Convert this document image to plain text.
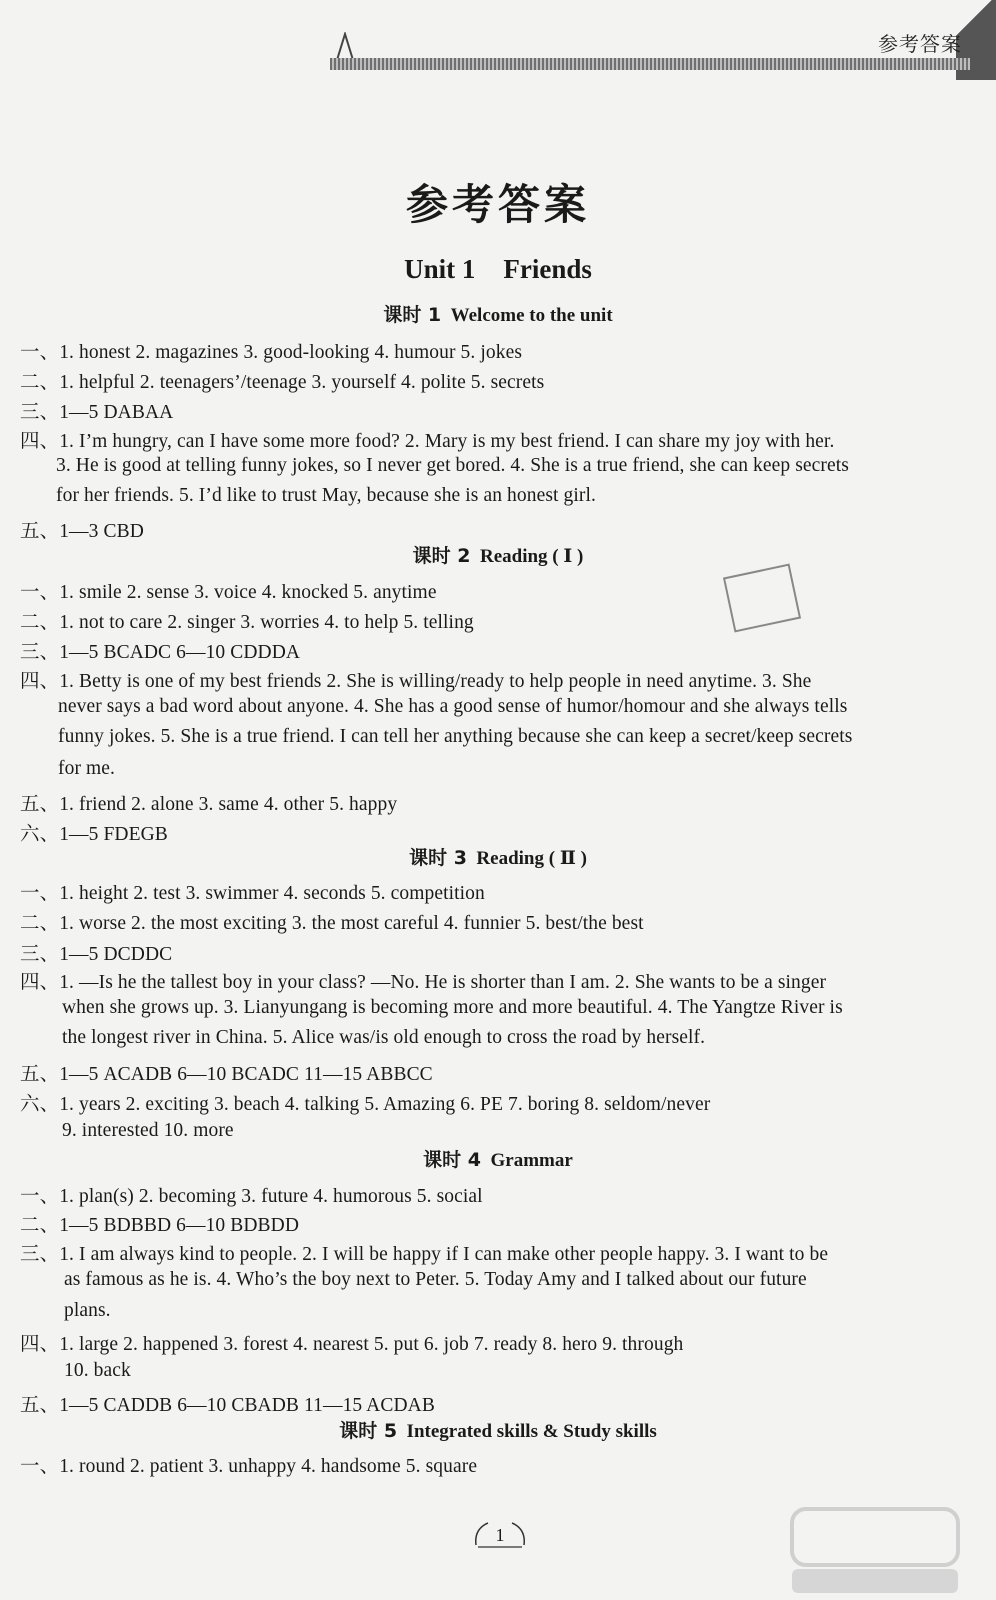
参考答案
参考答案
Unit 1 Friends
课时 1 Welcome to the unit
课时 2 Reading ( Ⅰ )
课时 3 Reading ( Ⅱ )
课时 4 Grammar
课时 5 Integrated skills & Study skills
一、1. honest 2. magazines 3. good-looking 4. humour 5. jokes
二、1. helpful 2. teenagers’/teenage 3. yourself 4. polite 5. secrets
三、1—5 DABAA
四、1. I’m hungry, can I have some more food? 2. Mary is my best friend. I can share my joy with her.
3. He is good at telling funny jokes, so I never get bored. 4. She is a true friend, she can keep secrets
for her friends. 5. I’d like to trust May, because she is an honest girl.
五、1—3 CBD
一、1. smile 2. sense 3. voice 4. knocked 5. anytime
二、1. not to care 2. singer 3. worries 4. to help 5. telling
三、1—5 BCADC 6—10 CDDDA
四、1. Betty is one of my best friends 2. She is willing/ready to help people in need anytime. 3. She
never says a bad word about anyone. 4. She has a good sense of humor/homour and she always tells
funny jokes. 5. She is a true friend. I can tell her anything because she can keep a secret/keep secrets
for me.
五、1. friend 2. alone 3. same 4. other 5. happy
六、1—5 FDEGB
一、1. height 2. test 3. swimmer 4. seconds 5. competition
二、1. worse 2. the most exciting 3. the most careful 4. funnier 5. best/the best
三、1—5 DCDDC
四、1. —Is he the tallest boy in your class? —No. He is shorter than I am. 2. She wants to be a singer
when she grows up. 3. Lianyungang is becoming more and more beautiful. 4. The Yangtze River is
the longest river in China. 5. Alice was/is old enough to cross the road by herself.
五、1—5 ACADB 6—10 BCADC 11—15 ABBCC
六、1. years 2. exciting 3. beach 4. talking 5. Amazing 6. PE 7. boring 8. seldom/never
9. interested 10. more
一、1. plan(s) 2. becoming 3. future 4. humorous 5. social
二、1—5 BDBBD 6—10 BDBDD
三、1. I am always kind to people. 2. I will be happy if I can make other people happy. 3. I want to be
as famous as he is. 4. Who’s the boy next to Peter. 5. Today Amy and I talked about our future
plans.
四、1. large 2. happened 3. forest 4. nearest 5. put 6. job 7. ready 8. hero 9. through
10. back
五、1—5 CADDB 6—10 CBADB 11—15 ACDAB
一、1. round 2. patient 3. unhappy 4. handsome 5. square
1
